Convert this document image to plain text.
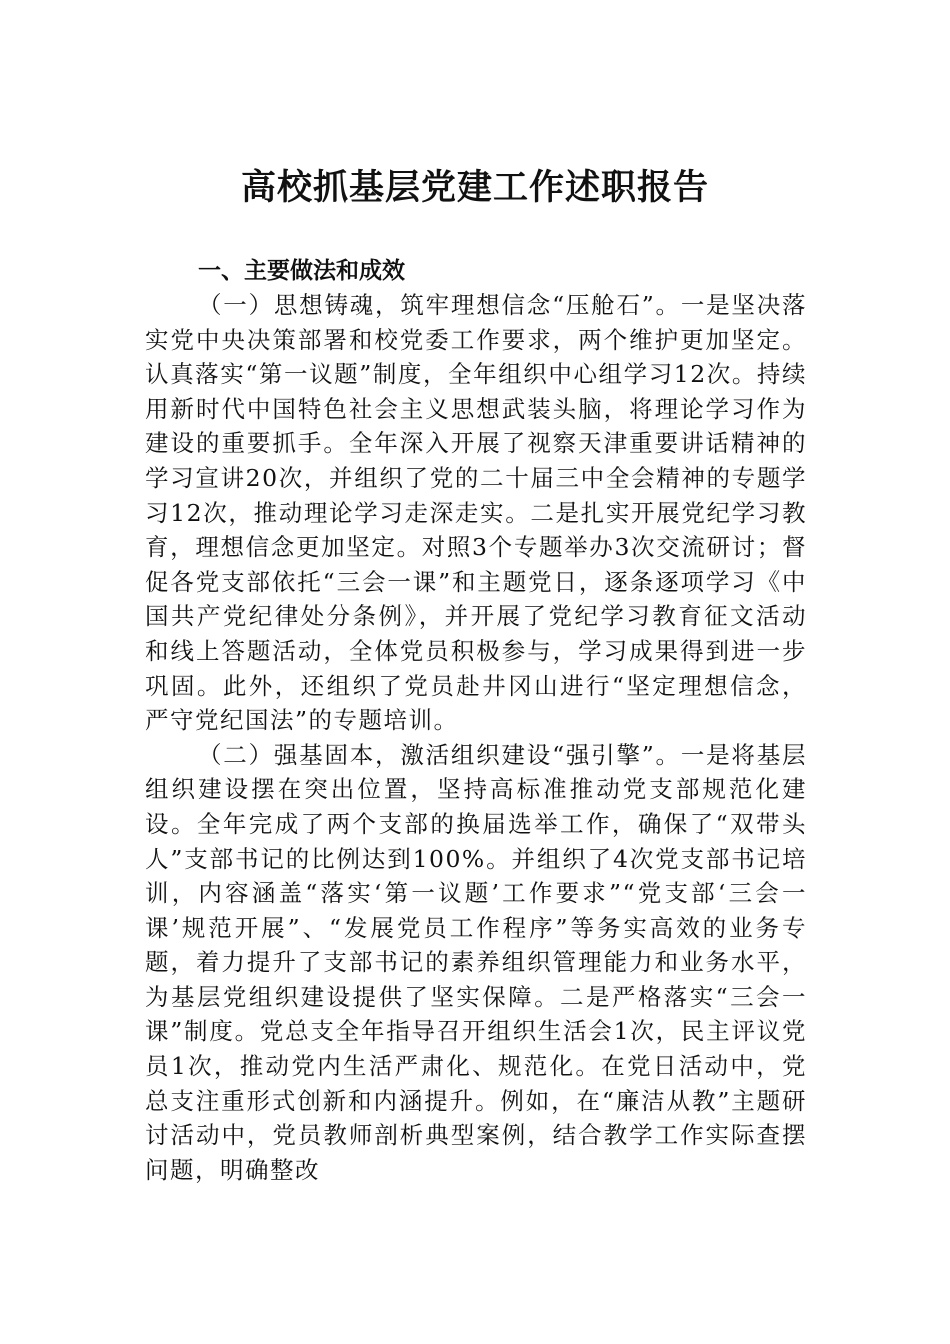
高校抓基层党建工作述职报告
一、主要做法和成效

（一）思想铸魂，筑牢理想信念“压舱石”。一是坚决落实党中央决策部署和校党委工作要求，两个维护更加坚定。认真落实“第一议题”制度，全年组织中心组学习12次。持续用新时代中国特色社会主义思想武装头脑，将理论学习作为建设的重要抓手。全年深入开展了视察天津重要讲话精神的学习宣讲20次，并组织了党的二十届三中全会精神的专题学习12次，推动理论学习走深走实。二是扎实开展党纪学习教育，理想信念更加坚定。对照3个专题举办3次交流研讨；督促各党支部依托“三会一课”和主题党日，逐条逐项学习《中国共产党纪律处分条例》，并开展了党纪学习教育征文活动和线上答题活动，全体党员积极参与，学习成果得到进一步巩固。此外，还组织了党员赴井冈山进行“坚定理想信念，严守党纪国法”的专题培训。

（二）强基固本，激活组织建设“强引擎”。一是将基层组织建设摆在突出位置，坚持高标准推动党支部规范化建设。全年完成了两个支部的换届选举工作，确保了“双带头人”支部书记的比例达到100%。并组织了4次党支部书记培训，内容涵盖“落实‘第一议题’工作要求”“党支部‘三会一课’规范开展”、“发展党员工作程序”等务实高效的业务专题，着力提升了支部书记的素养组织管理能力和业务水平，为基层党组织建设提供了坚实保障。二是严格落实“三会一课”制度。党总支全年指导召开组织生活会1次，民主评议党员1次，推动党内生活严肃化、规范化。在党日活动中，党总支注重形式创新和内涵提升。例如，在“廉洁从教”主题研讨活动中，党员教师剖析典型案例，结合教学工作实际查摆问题，明确整改
